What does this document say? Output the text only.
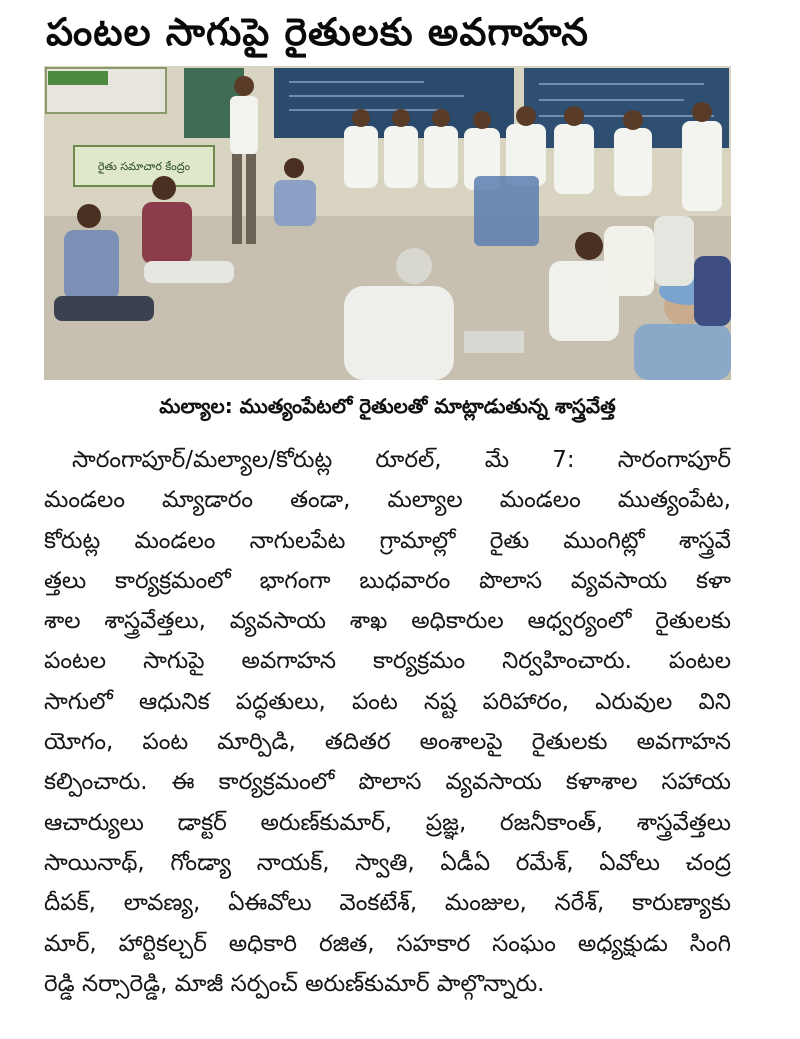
పంటల సాగుపై రైతులకు అవగాహన
రైతు సమాచార కేంద్రం
మల్యాల: ముత్యంపేటలో రైతులతో మాట్లాడుతున్న శాస్త్రవేత్త
సారంగాపూర్/మల్యాల/కోరుట్ల రూరల్, మే 7: సారంగాపూర్
మండలం మ్యాడారం తండా, మల్యాల మండలం ముత్యంపేట,
కోరుట్ల మండలం నాగులపేట గ్రామాల్లో రైతు ముంగిట్లో శాస్త్రవే
త్తలు కార్యక్రమంలో భాగంగా బుధవారం పొలాస వ్యవసాయ కళా
శాల శాస్త్రవేత్తలు, వ్యవసాయ శాఖ అధికారుల ఆధ్వర్యంలో రైతులకు
పంటల సాగుపై అవగాహన కార్యక్రమం నిర్వహించారు. పంటల
సాగులో ఆధునిక పద్ధతులు, పంట నష్ట పరిహారం, ఎరువుల విని
యోగం, పంట మార్పిడి, తదితర అంశాలపై రైతులకు అవగాహన
కల్పించారు. ఈ కార్యక్రమంలో పొలాస వ్యవసాయ కళాశాల సహాయ
ఆచార్యులు డాక్టర్ అరుణ్‌కుమార్, ప్రజ్ఞ, రజనీకాంత్, శాస్త్రవేత్తలు
సాయినాథ్, గోండ్యా నాయక్, స్వాతి, ఏడీఏ రమేశ్, ఏవోలు చంద్ర
దీపక్, లావణ్య, ఏఈవోలు వెంకటేశ్, మంజుల, నరేశ్, కారుణ్యాకు
మార్, హార్టికల్చర్ అధికారి రజిత, సహకార సంఘం అధ్యక్షుడు సింగి
రెడ్డి నర్సారెడ్డి, మాజీ సర్పంచ్ అరుణ్‌కుమార్ పాల్గొన్నారు.
